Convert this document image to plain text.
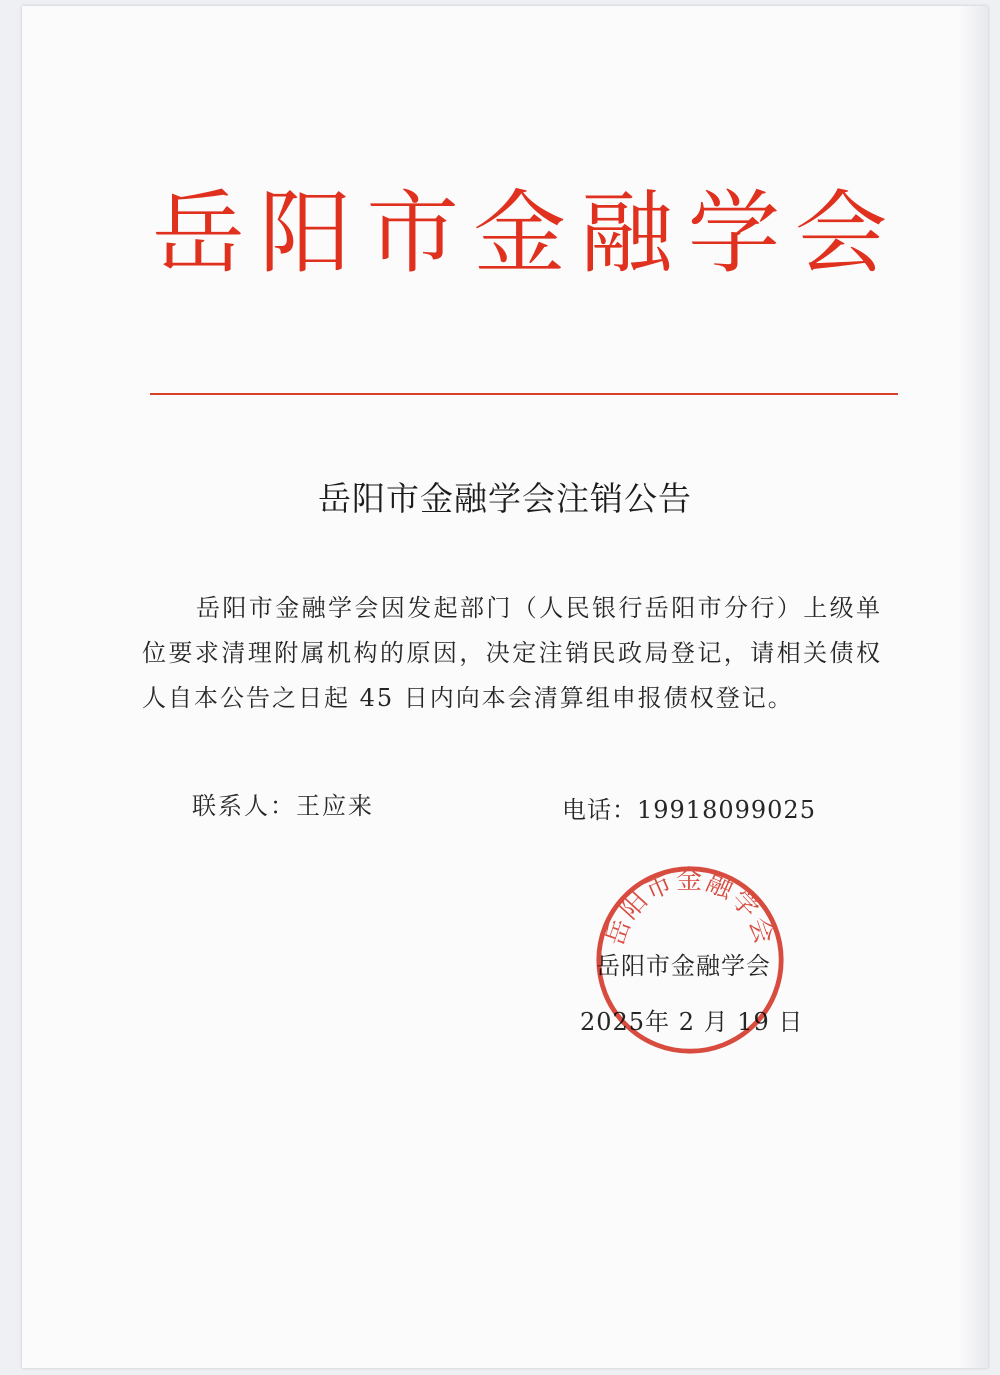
岳阳市金融学会
岳阳市金融学会注销公告

岳阳市金融学会因发起部门（人民银行岳阳市分行）上级单位要求清理附属机构的原因，决定注销民政局登记，请相关债权人自本公告之日起 45 日内向本会清算组申报债权登记。

联系人：王应来	电话：19918099025
岳阳市金融学会
2025年 2 月 19 日
岳阳市金融学会
